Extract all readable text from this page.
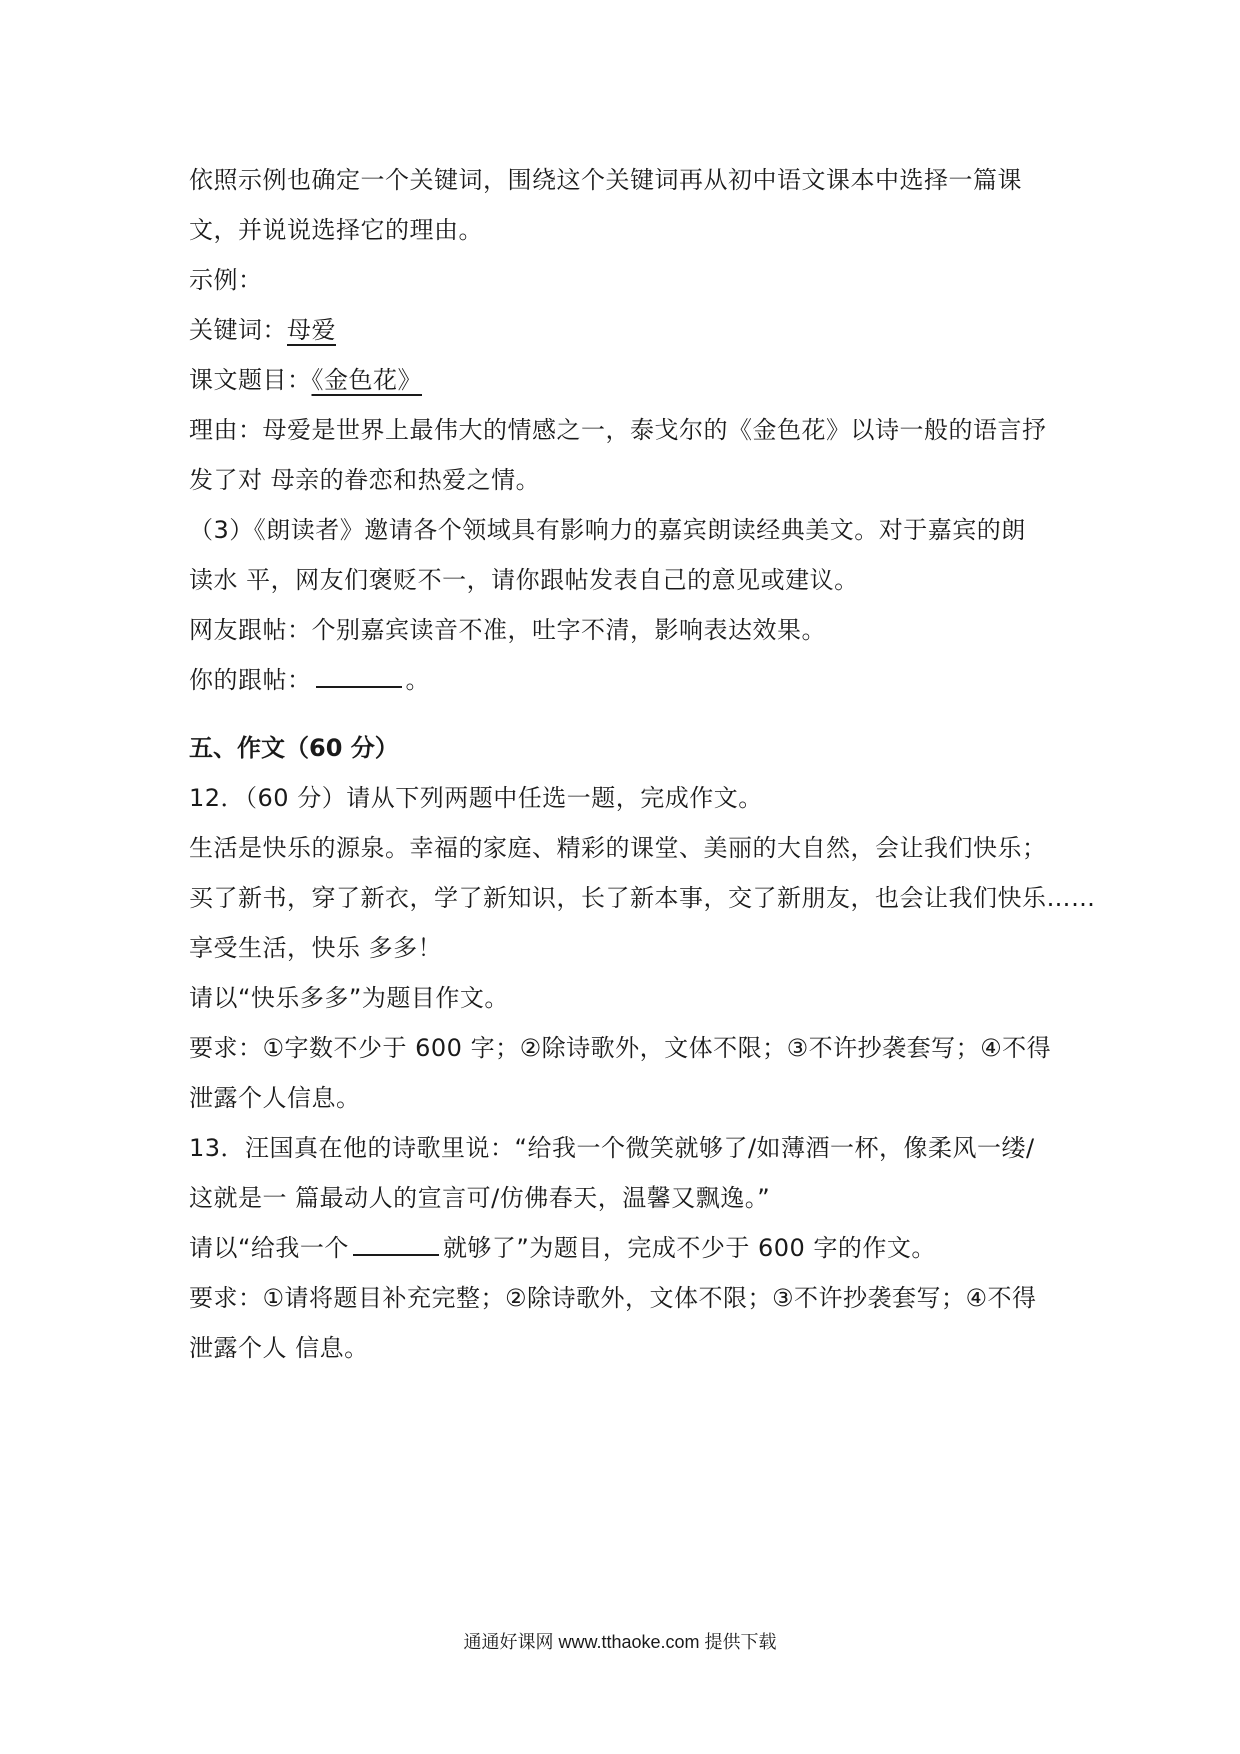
依照示例也确定一个关键词，围绕这个关键词再从初中语文课本中选择一篇课
文，并说说选择它的理由。
示例：
关键词：母爱
课文题目：《金色花》
理由：母爱是世界上最伟大的情感之一，泰戈尔的《金色花》以诗一般的语言抒
发了对 母亲的眷恋和热爱之情。
（3）《朗读者》邀请各个领域具有影响力的嘉宾朗读经典美文。对于嘉宾的朗
读水 平，网友们褒贬不一，请你跟帖发表自己的意见或建议。
网友跟帖：个别嘉宾读音不准，吐字不清，影响表达效果。
你的跟帖：	。
五、作文（60 分）
12．（60 分）请从下列两题中任选一题，完成作文。
生活是快乐的源泉。幸福的家庭、精彩的课堂、美丽的大自然，会让我们快乐；
买了新书，穿了新衣，学了新知识，长了新本事，交了新朋友，也会让我们快乐……
享受生活，快乐 多多！
请以“快乐多多”为题目作文。
要求：①字数不少于 600 字；②除诗歌外，文体不限；③不许抄袭套写；④不得
泄露个人信息。
13．汪国真在他的诗歌里说：“给我一个微笑就够了/如薄酒一杯，像柔风一缕/
这就是一 篇最动人的宣言可/仿佛春天，温馨又飘逸。”
请以“给我一个	就够了”为题目，完成不少于 600 字的作文。
要求：①请将题目补充完整；②除诗歌外，文体不限；③不许抄袭套写；④不得
泄露个人 信息。
通通好课网 www.tthaoke.com 提供下载
